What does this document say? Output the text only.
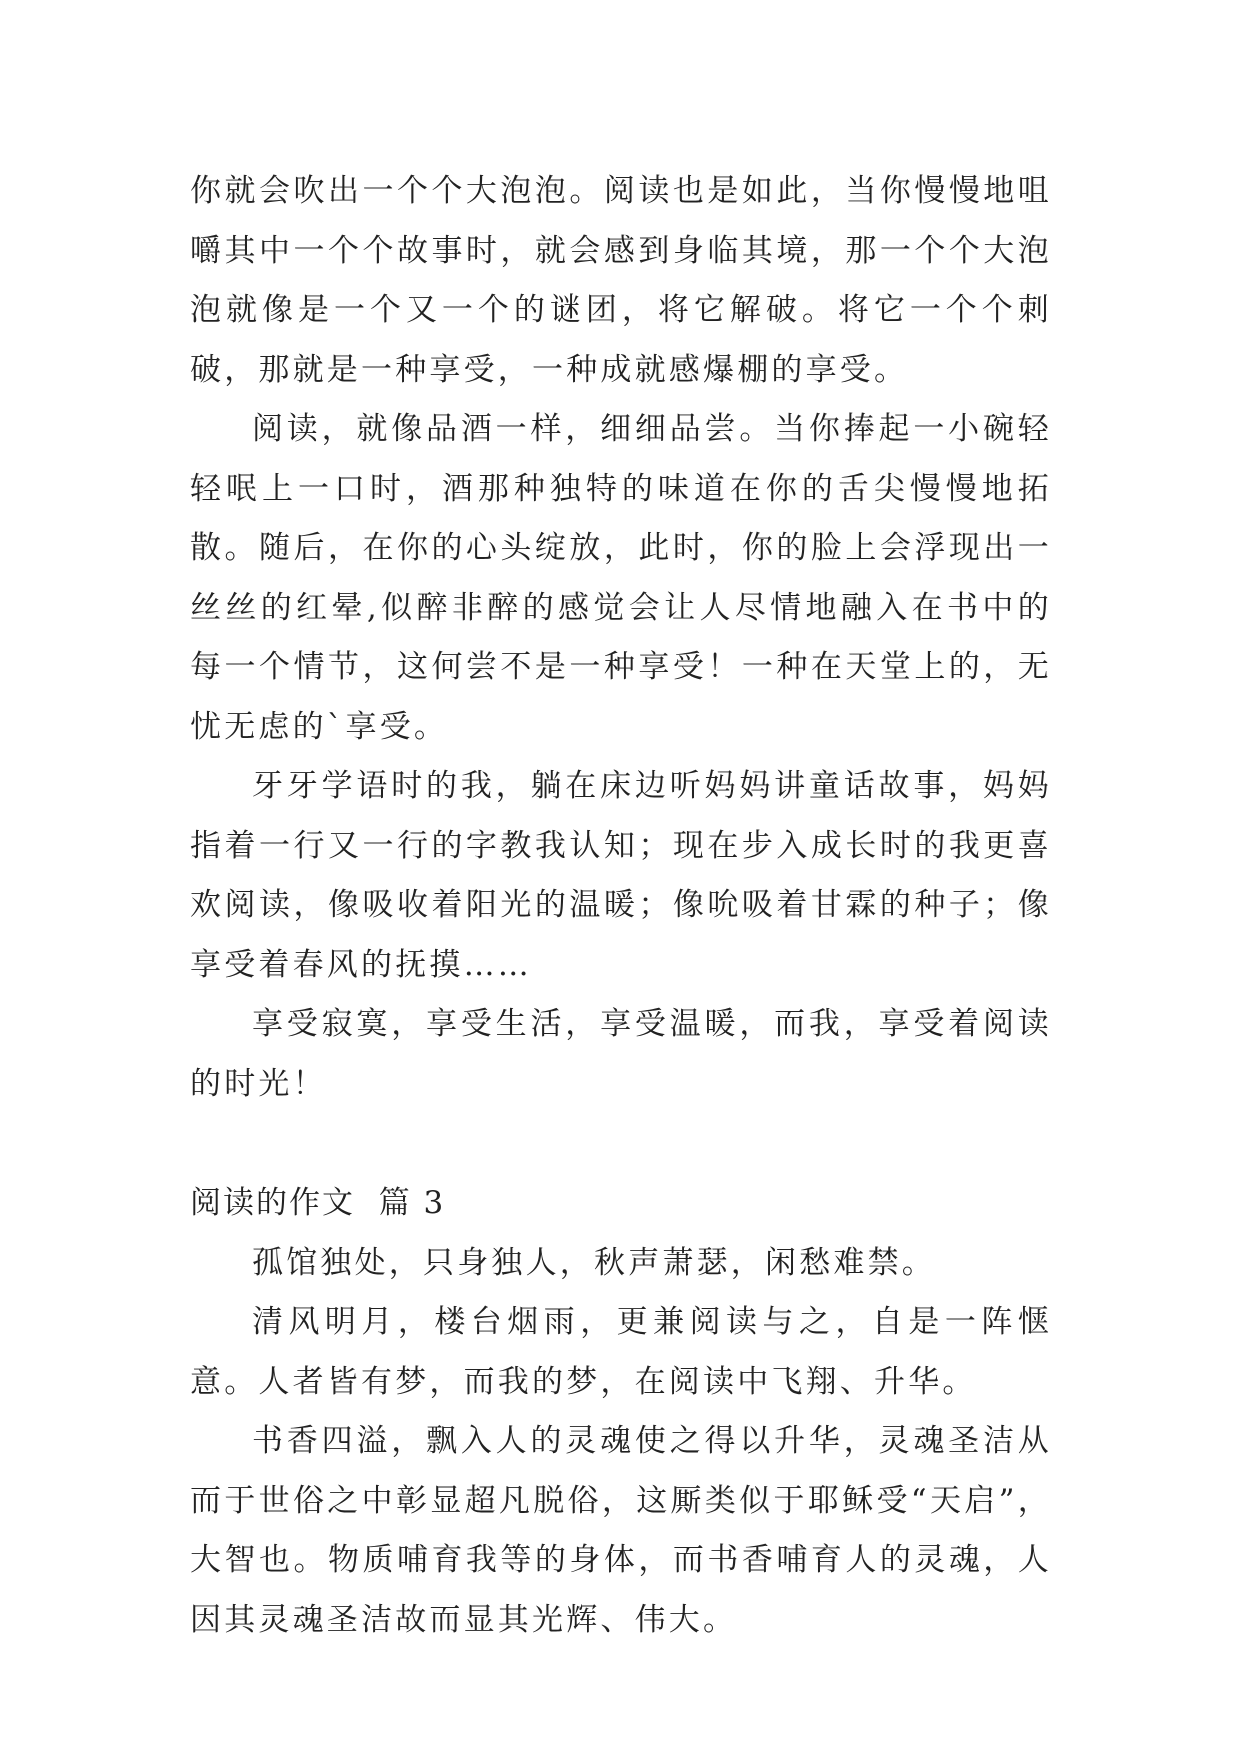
你就会吹出一个个大泡泡。阅读也是如此，当你慢慢地咀嚼其中一个个故事时，就会感到身临其境，那一个个大泡泡就像是一个又一个的谜团，将它解破。将它一个个刺破，那就是一种享受，一种成就感爆棚的享受。

阅读，就像品酒一样，细细品尝。当你捧起一小碗轻轻呡上一口时，酒那种独特的味道在你的舌尖慢慢地拓散。随后，在你的心头绽放，此时，你的脸上会浮现出一丝丝的红晕,似醉非醉的感觉会让人尽情地融入在书中的每一个情节，这何尝不是一种享受！一种在天堂上的，无忧无虑的`享受。

牙牙学语时的我，躺在床边听妈妈讲童话故事，妈妈指着一行又一行的字教我认知；现在步入成长时的我更喜欢阅读，像吸收着阳光的温暖；像吮吸着甘霖的种子；像享受着春风的抚摸……

享受寂寞，享受生活，享受温暖，而我，享受着阅读的时光！

阅读的作文  篇 3

孤馆独处，只身独人，秋声萧瑟，闲愁难禁。

清风明月，楼台烟雨，更兼阅读与之，自是一阵惬意。人者皆有梦，而我的梦，在阅读中飞翔、升华。

书香四溢，飘入人的灵魂使之得以升华，灵魂圣洁从而于世俗之中彰显超凡脱俗，这厮类似于耶稣受“天启”，大智也。物质哺育我等的身体，而书香哺育人的灵魂，人因其灵魂圣洁故而显其光辉、伟大。
